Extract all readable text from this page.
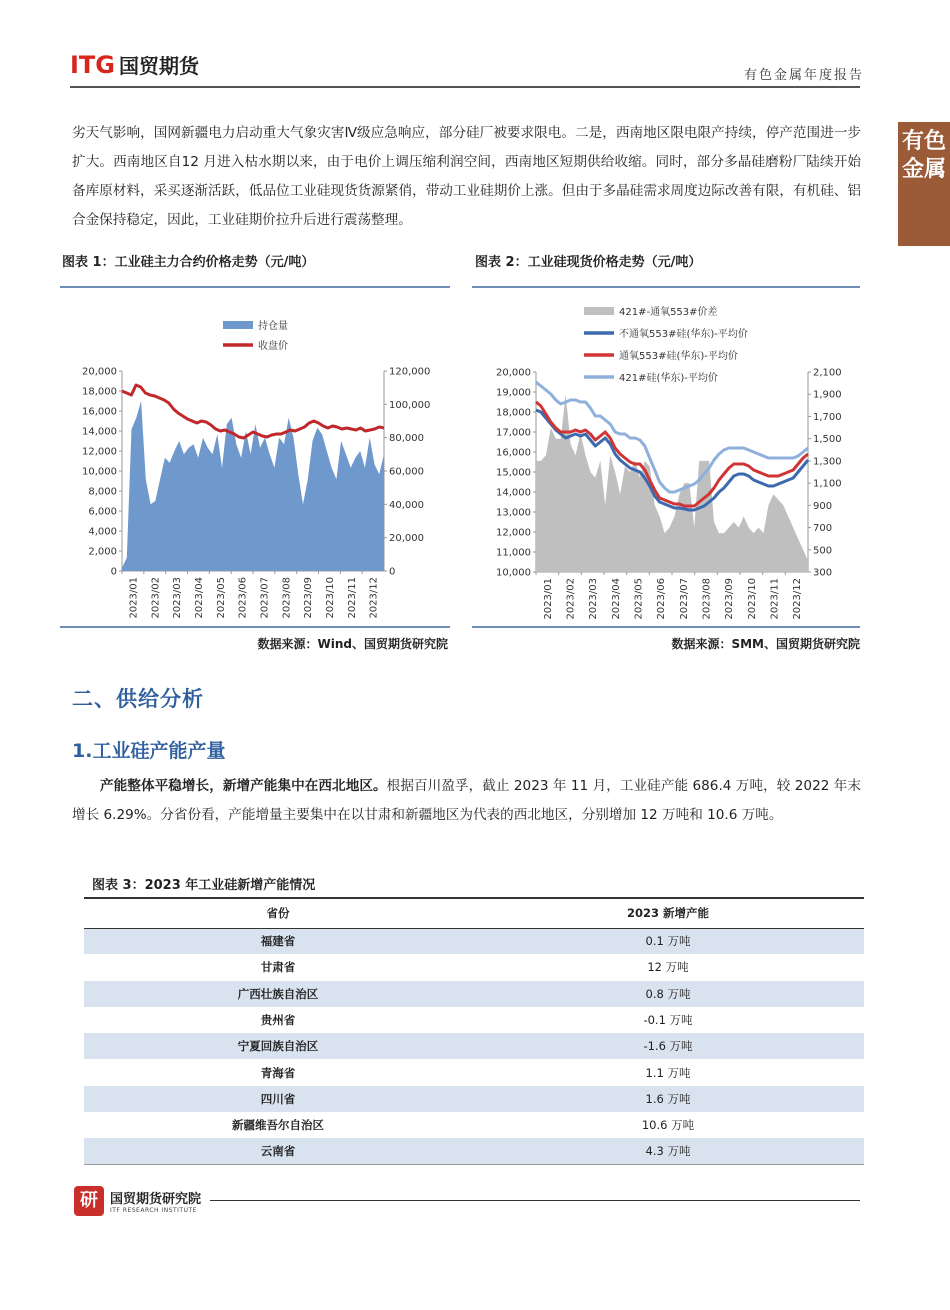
ITG 国贸期货	有色金属年度报告
有色
金属

劣天气影响，国网新疆电力启动重大气象灾害Ⅳ级应急响应，部分硅厂被要求限电。二是，西南地区限电限产持续，停产范围进一步扩大。西南地区自12 月进入枯水期以来，由于电价上调压缩利润空间，西南地区短期供给收缩。同时，部分多晶硅磨粉厂陆续开始备库原材料，采买逐渐活跃，低品位工业硅现货货源紧俏，带动工业硅期价上涨。但由于多晶硅需求周度边际改善有限，有机硅、铝合金保持稳定，因此，工业硅期价拉升后进行震荡整理。

图表 1：工业硅主力合约价格走势（元/吨）
0
2,000
4,000
6,000
8,000
10,000
12,000
14,000
16,000
18,000
20,000
0
20,000
40,000
60,000
80,000
100,000
120,000
2023/01 2023/02 2023/03 2023/04 2023/05 2023/06 2023/07 2023/08 2023/09 2023/10 2023/11 2023/12
持仓量
收盘价
数据来源：Wind、国贸期货研究院
图表 2：工业硅现货价格走势（元/吨）
10,000
11,000
12,000
13,000
14,000
15,000
16,000
17,000
18,000
19,000
20,000
300
500
700
900
1,100
1,300
1,500
1,700
1,900
2,100
2023/01 2023/02 2023/03 2023/04 2023/05 2023/06 2023/07 2023/08 2023/09 2023/10 2023/11 2023/12
421#-通氧553#价差
不通氧553#硅(华东)-平均价
通氧553#硅(华东)-平均价
421#硅(华东)-平均价
数据来源：SMM、国贸期货研究院
二、供给分析
1.工业硅产能产量

产能整体平稳增长，新增产能集中在西北地区。根据百川盈孚，截止 2023 年 11 月，工业硅产能 686.4 万吨，较 2022 年末增长 6.29%。分省份看，产能增量主要集中在以甘肃和新疆地区为代表的西北地区，分别增加 12 万吨和 10.6 万吨。

图表 3：2023 年工业硅新增产能情况
省份	2023 新增产能
福建省	0.1 万吨
甘肃省	12 万吨
广西壮族自治区	0.8 万吨
贵州省	-0.1 万吨
宁夏回族自治区	-1.6 万吨
青海省	1.1 万吨
四川省	1.6 万吨
新疆维吾尔自治区	10.6 万吨
云南省	4.3 万吨
研 国贸期货研究院
ITF RESEARCH INSTITUTE
